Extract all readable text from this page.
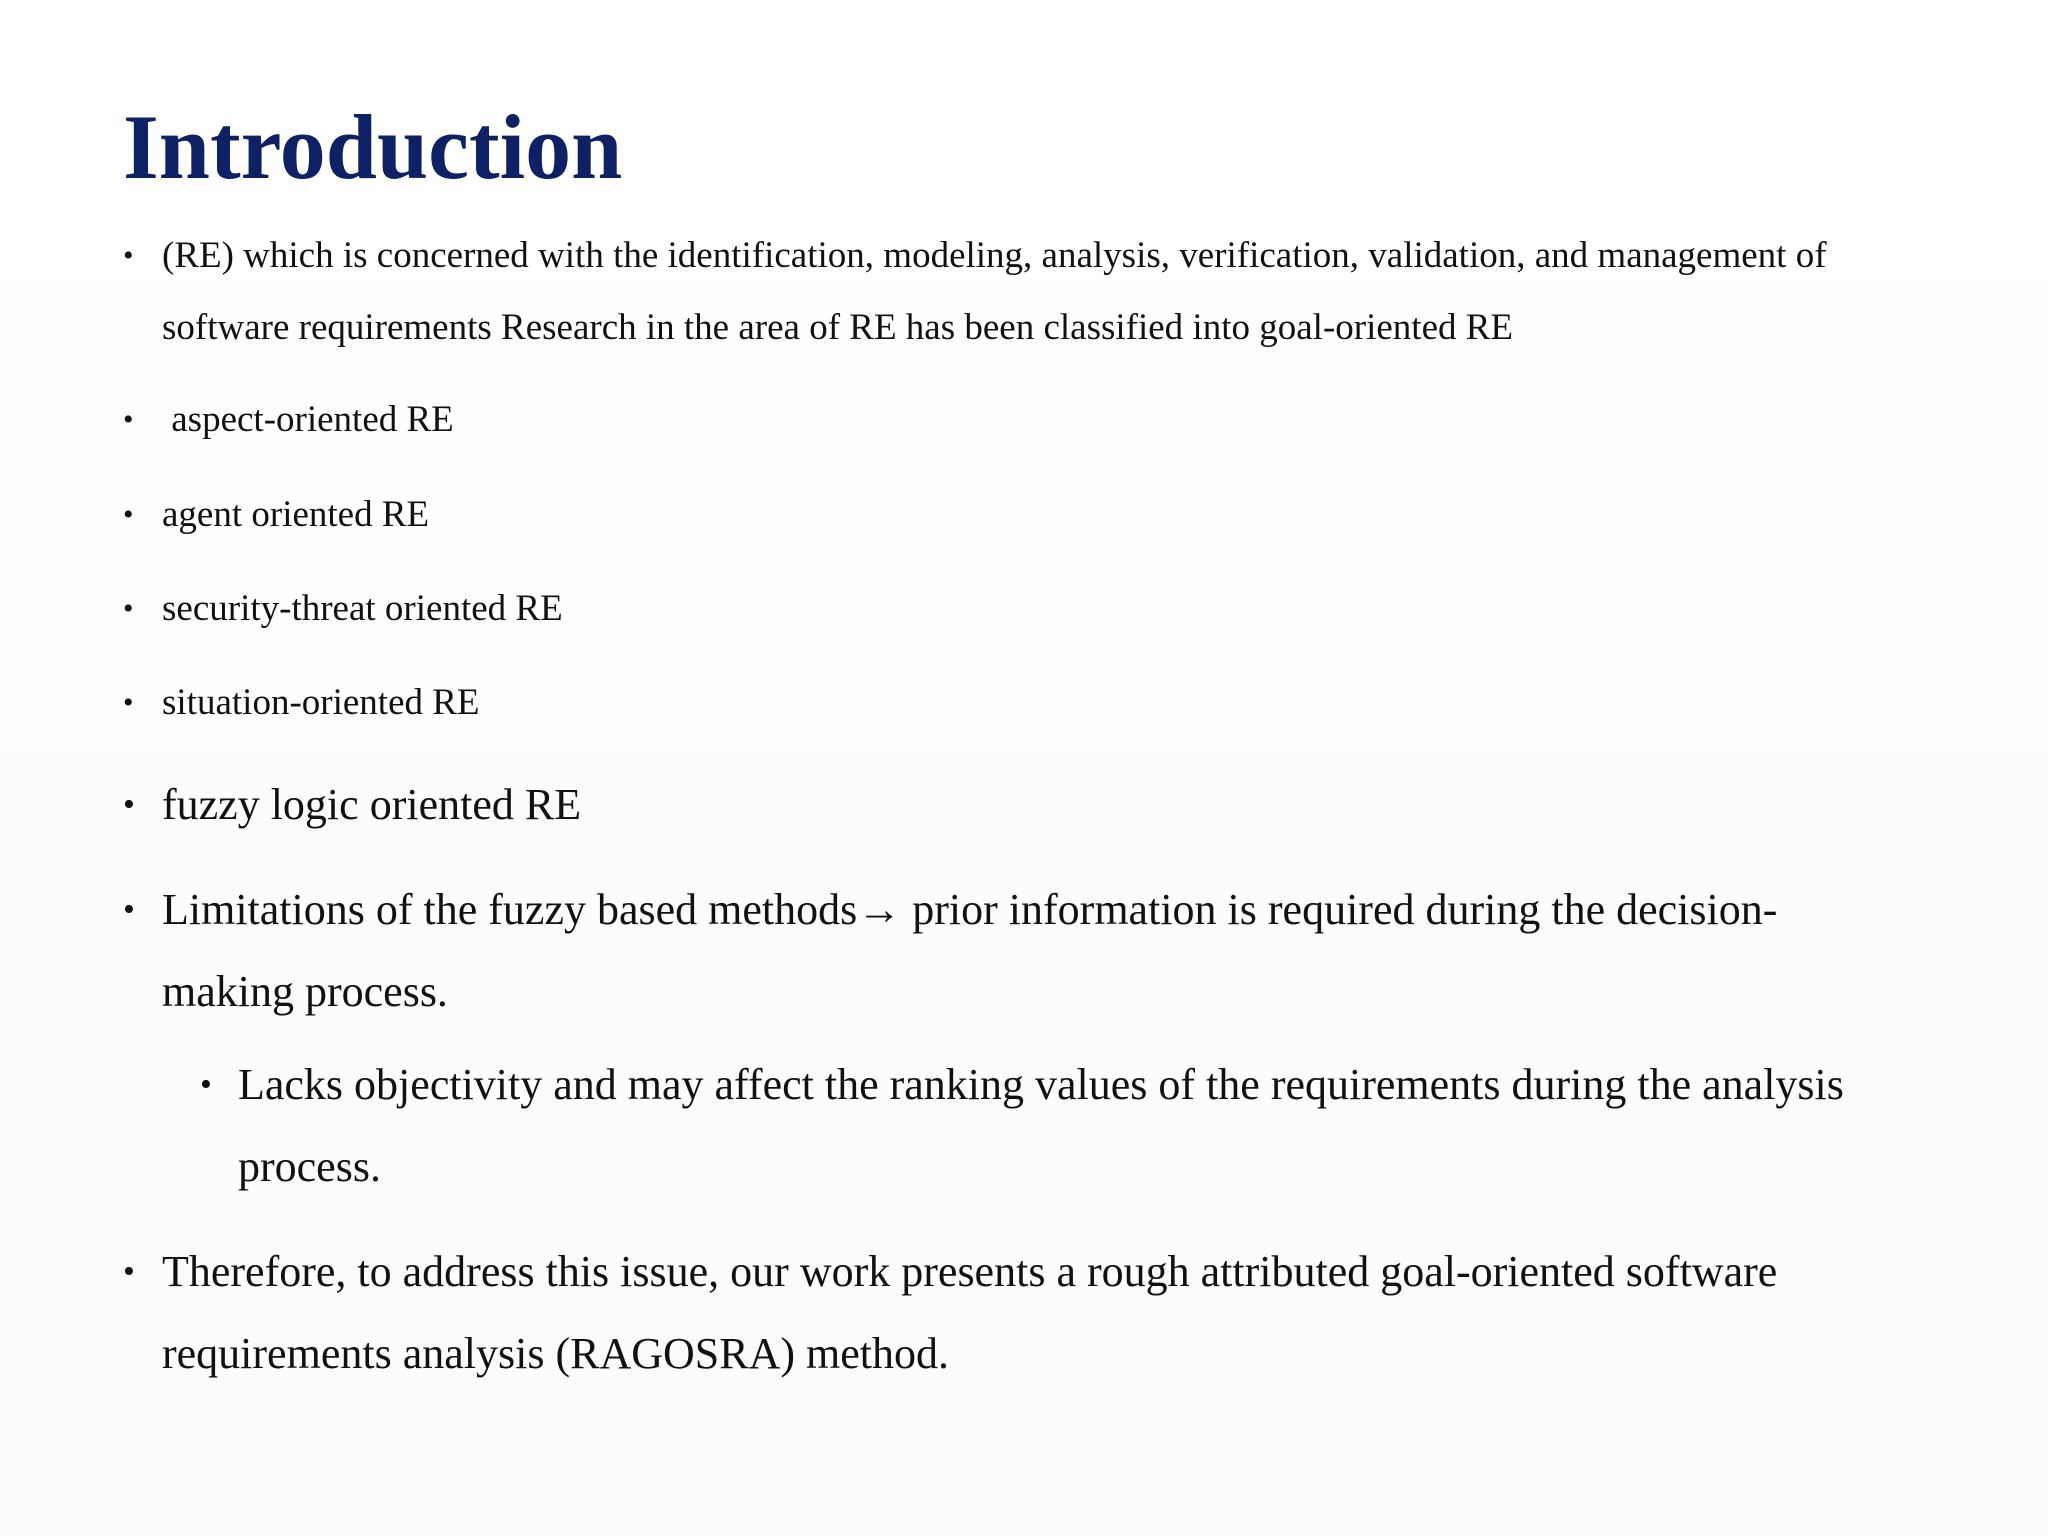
Introduction
• (RE) which is concerned with the identification, modeling, analysis, verification, validation, and management of software requirements Research in the area of RE has been classified into goal-oriented RE
• aspect-oriented RE
• agent oriented RE
• security-threat oriented RE
• situation-oriented RE
• fuzzy logic oriented RE
• Limitations of the fuzzy based methods→ prior information is required during the decision-making process.
• Lacks objectivity and may affect the ranking values of the requirements during the analysis process.
• Therefore, to address this issue, our work presents a rough attributed goal-oriented software requirements analysis (RAGOSRA) method.
